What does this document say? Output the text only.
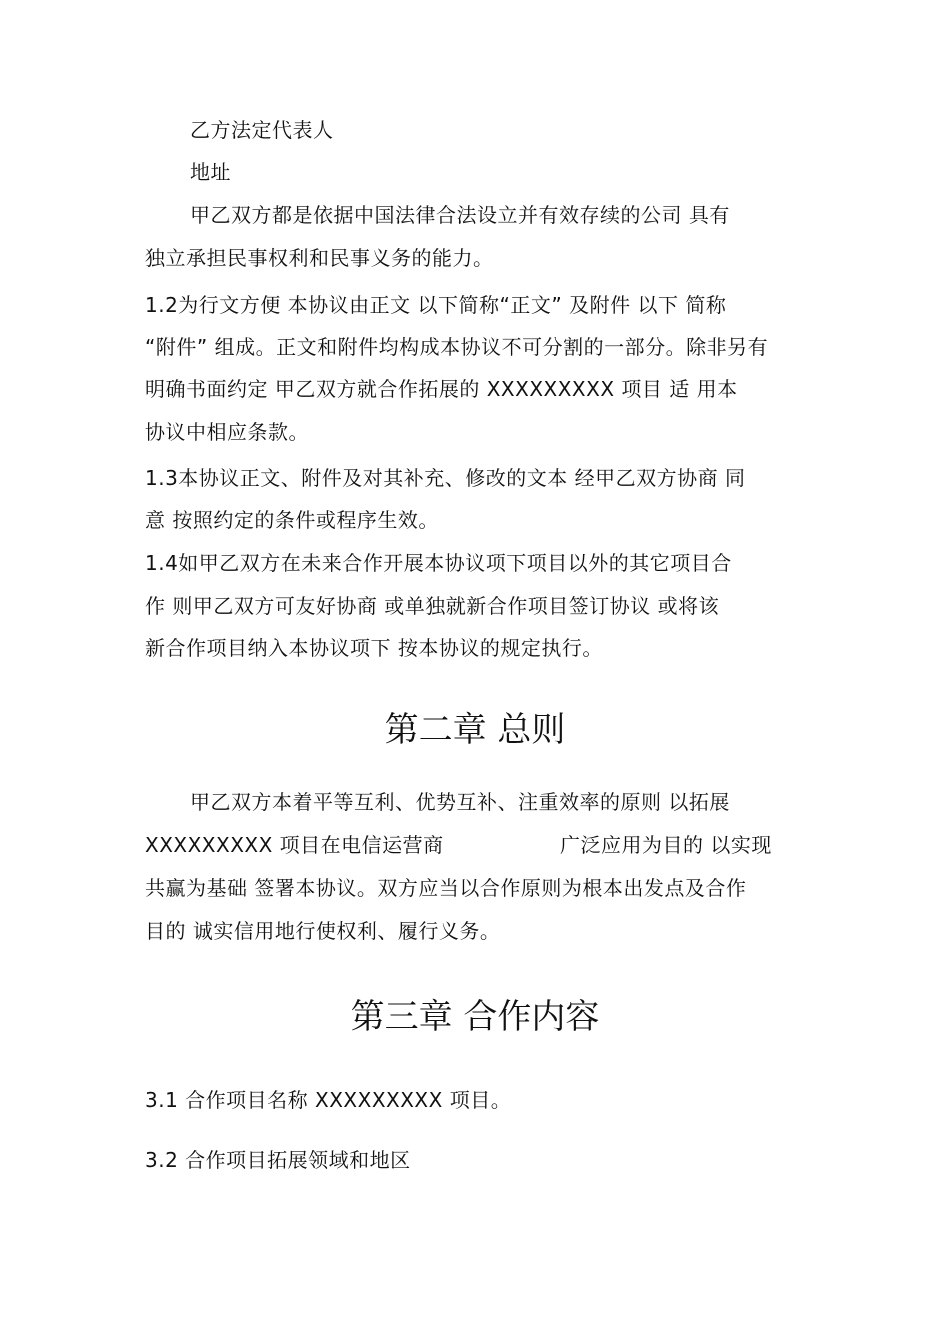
乙方法定代表人
地址
甲乙双方都是依据中国法律合法设立并有效存续的公司 具有
独立承担民事权利和民事义务的能力。
1.2为行文方便 本协议由正文 以下简称“正文” 及附件 以下 简称
“附件” 组成。正文和附件均构成本协议不可分割的一部分。除非另有
明确书面约定 甲乙双方就合作拓展的 XXXXXXXXX 项目 适 用本
协议中相应条款。
1.3本协议正文、附件及对其补充、修改的文本 经甲乙双方协商 同
意 按照约定的条件或程序生效。
1.4如甲乙双方在未来合作开展本协议项下项目以外的其它项目合
作 则甲乙双方可友好协商 或单独就新合作项目签订协议 或将该
新合作项目纳入本协议项下 按本协议的规定执行。
第二章 总则
甲乙双方本着平等互利、优势互补、注重效率的原则 以拓展
XXXXXXXXX 项目在电信运营商	广泛应用为目的 以实现
共赢为基础 签署本协议。双方应当以合作原则为根本出发点及合作
目的 诚实信用地行使权利、履行义务。
第三章 合作内容
3.1 合作项目名称 XXXXXXXXX 项目。
3.2 合作项目拓展领域和地区
